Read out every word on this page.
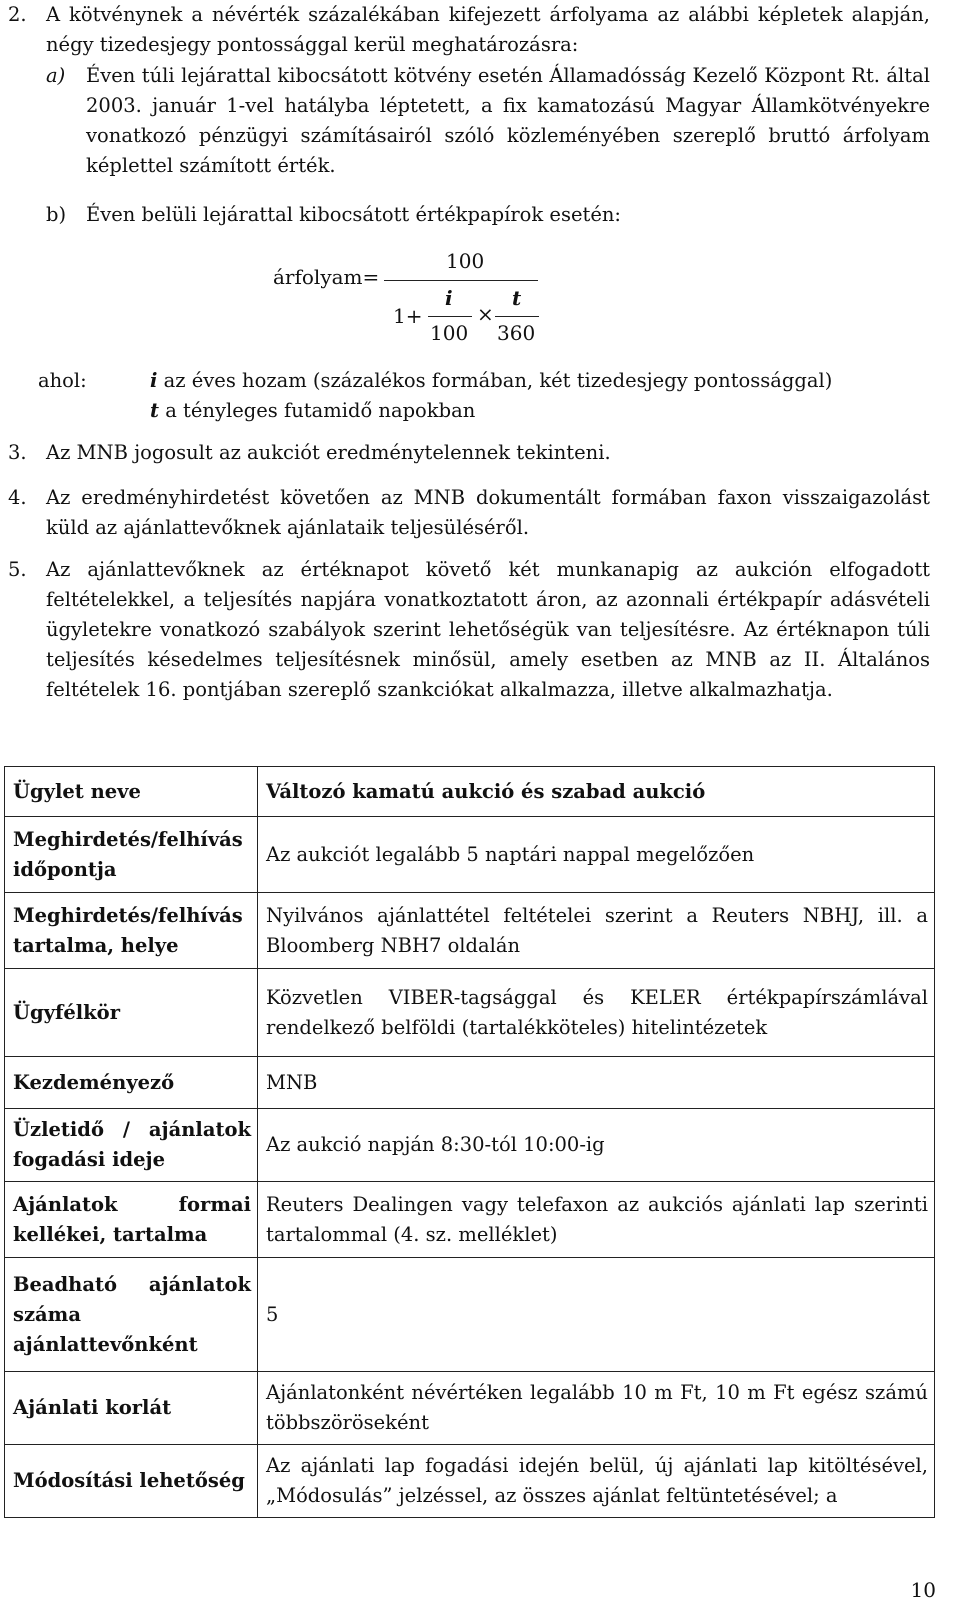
2. A kötvénynek a névérték százalékában kifejezett árfolyama az alábbi képletek alapján, négy tizedesjegy pontossággal kerül meghatározásra:
a) Éven túli lejárattal kibocsátott kötvény esetén Államadósság Kezelő Központ Rt. által 2003. január 1-vel hatályba léptetett, a fix kamatozású Magyar Államkötvényekre vonatkozó pénzügyi számításairól szóló közleményében szereplő bruttó árfolyam képlettel számított érték.
b) Éven belüli lejárattal kibocsátott értékpapírok esetén:
árfolyam=
100
1+
i
100
×
t
360
ahol:	i az éves hozam (százalékos formában, két tizedesjegy pontossággal)
t a tényleges futamidő napokban
3. Az MNB jogosult az aukciót eredménytelennek tekinteni.
4. Az eredményhirdetést követően az MNB dokumentált formában faxon visszaigazolást küld az ajánlattevőknek ajánlataik teljesüléséről.
5. Az ajánlattevőknek az értéknapot követő két munkanapig az aukción elfogadott feltételekkel, a teljesítés napjára vonatkoztatott áron, az azonnali értékpapír adásvételi ügyletekre vonatkozó szabályok szerint lehetőségük van teljesítésre. Az értéknapon túli teljesítés késedelmes teljesítésnek minősül, amely esetben az MNB az II. Általános feltételek 16. pontjában szereplő szankciókat alkalmazza, illetve alkalmazhatja.
Ügylet neve	Változó kamatú aukció és szabad aukció
Meghirdetés/felhívás időpontja	Az aukciót legalább 5 naptári nappal megelőzően
Meghirdetés/felhívás tartalma, helye	Nyilvános ajánlattétel feltételei szerint a Reuters NBHJ, ill. a Bloomberg NBH7 oldalán
Ügyfélkör	Közvetlen VIBER-tagsággal és KELER értékpapírszámlával rendelkező belföldi (tartalékköteles) hitelintézetek
Kezdeményező	MNB
Üzletidő / ajánlatok fogadási ideje	Az aukció napján 8:30-tól 10:00-ig
Ajánlatok formai kellékei, tartalma	Reuters Dealingen vagy telefaxon az aukciós ajánlati lap szerinti tartalommal (4. sz. melléklet)
Beadható ajánlatok száma ajánlattevőnként	5
Ajánlati korlát	Ajánlatonként névértéken legalább 10 m Ft, 10 m Ft egész számú többszöröseként
Módosítási lehetőség	Az ajánlati lap fogadási idején belül, új ajánlati lap kitöltésével, „Módosulás” jelzéssel, az összes ajánlat feltüntetésével; a
10
